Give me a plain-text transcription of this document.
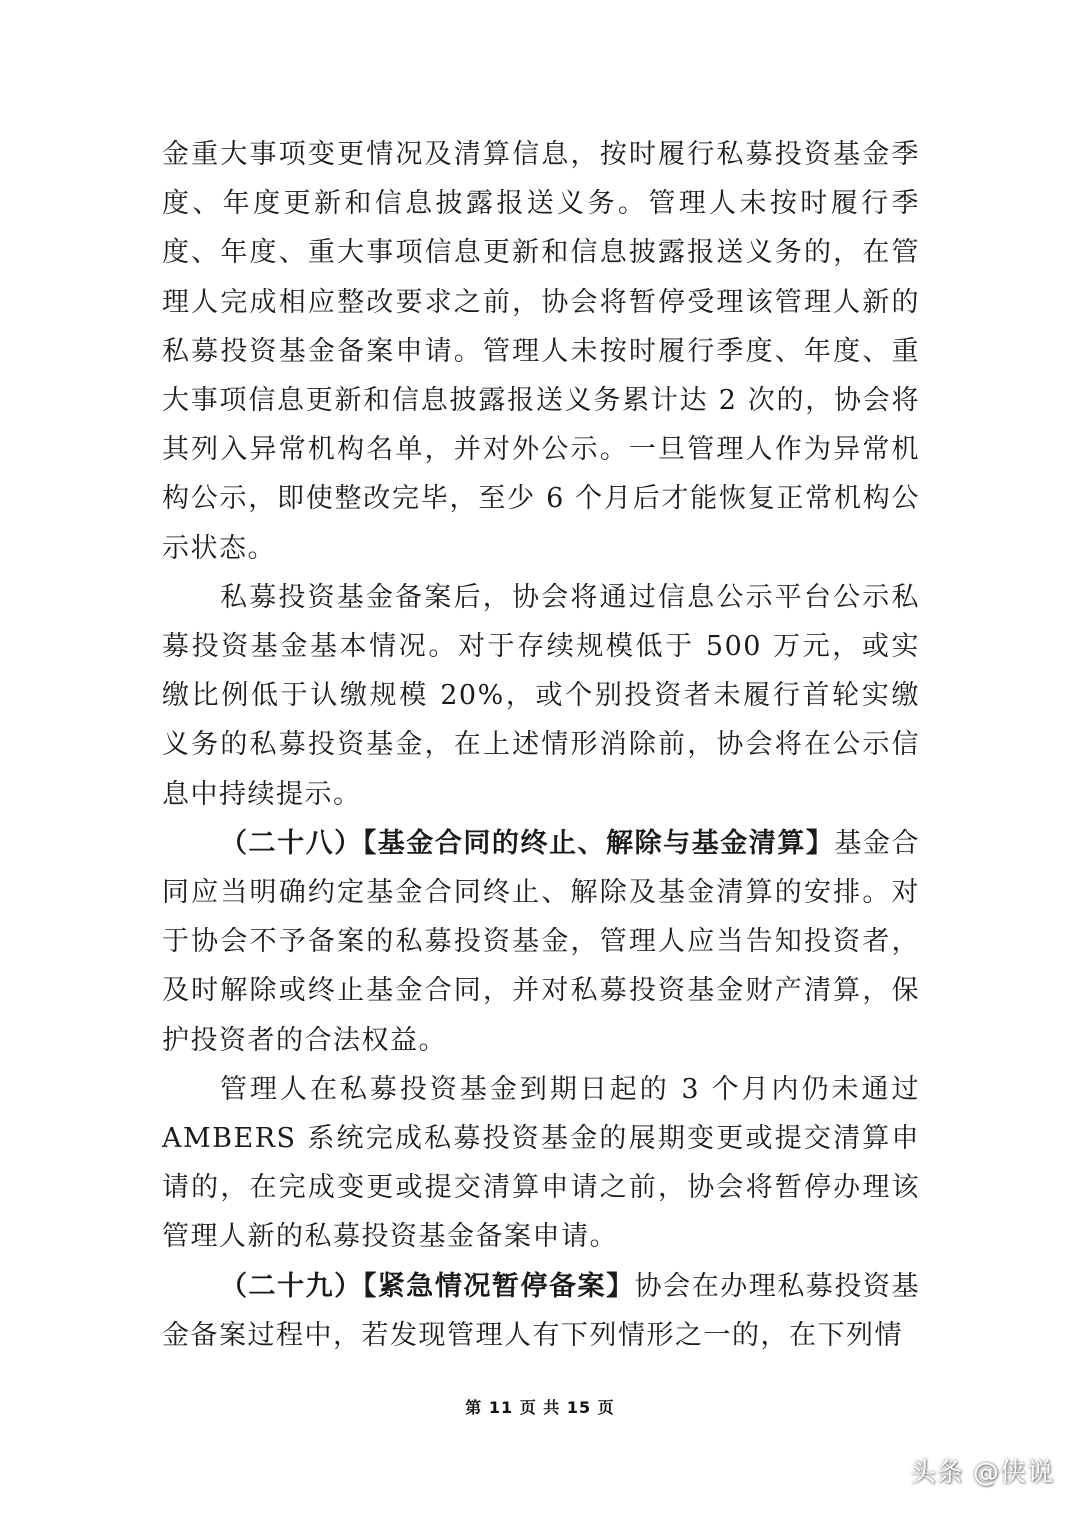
金重大事项变更情况及清算信息，按时履行私募投资基金季度、年度更新和信息披露报送义务。管理人未按时履行季度、年度、重大事项信息更新和信息披露报送义务的，在管理人完成相应整改要求之前，协会将暂停受理该管理人新的私募投资基金备案申请。管理人未按时履行季度、年度、重大事项信息更新和信息披露报送义务累计达 2 次的，协会将其列入异常机构名单，并对外公示。一旦管理人作为异常机构公示，即使整改完毕，至少 6 个月后才能恢复正常机构公示状态。

私募投资基金备案后，协会将通过信息公示平台公示私募投资基金基本情况。对于存续规模低于 500 万元，或实缴比例低于认缴规模 20%，或个别投资者未履行首轮实缴义务的私募投资基金，在上述情形消除前，协会将在公示信息中持续提示。

（二十八）【基金合同的终止、解除与基金清算】基金合同应当明确约定基金合同终止、解除及基金清算的安排。对于协会不予备案的私募投资基金，管理人应当告知投资者，及时解除或终止基金合同，并对私募投资基金财产清算，保护投资者的合法权益。

管理人在私募投资基金到期日起的 3 个月内仍未通过 AMBERS 系统完成私募投资基金的展期变更或提交清算申请的，在完成变更或提交清算申请之前，协会将暂停办理该管理人新的私募投资基金备案申请。

（二十九）【紧急情况暂停备案】协会在办理私募投资基金备案过程中，若发现管理人有下列情形之一的，在下列情

第 11 页 共 15 页
头条 @侠说
